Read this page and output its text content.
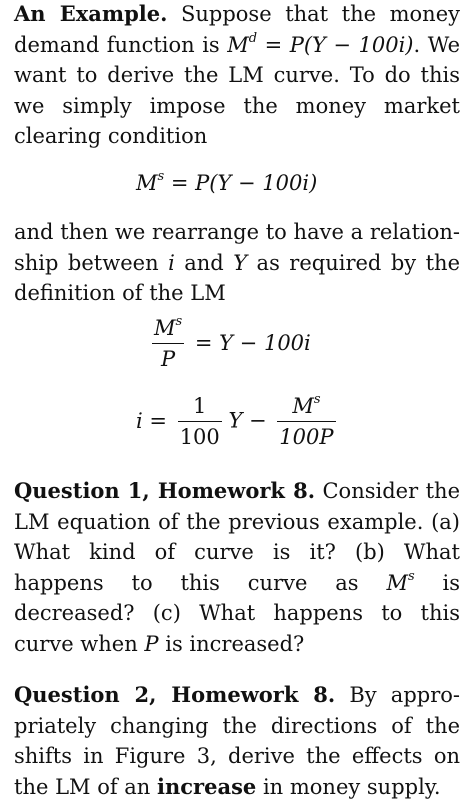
An Example. Suppose that the money demand function is $M^d = P(Y - 100i)$. We want to derive the LM curve. To do this we simply impose the money market clearing condition

$M^s = P(Y - 100i)$

and then we rearrange to have a relation-ship between i and Y as required by the definition of the LM

$\frac{M^s}{P} = Y - 100i$
$i = \frac{1}{100}$ $Y - \frac{M^s}{100P}$

Question 1, Homework 8. Consider the LM equation of the previous example. (a) What kind of curve is it? (b) What happens to this curve as $M^s$ is decreased? (c) What happens to this curve when P is increased?

Question 2, Homework 8. By appro-priately changing the directions of the shifts in Figure 3, derive the effects on the LM of an increase in money supply.
